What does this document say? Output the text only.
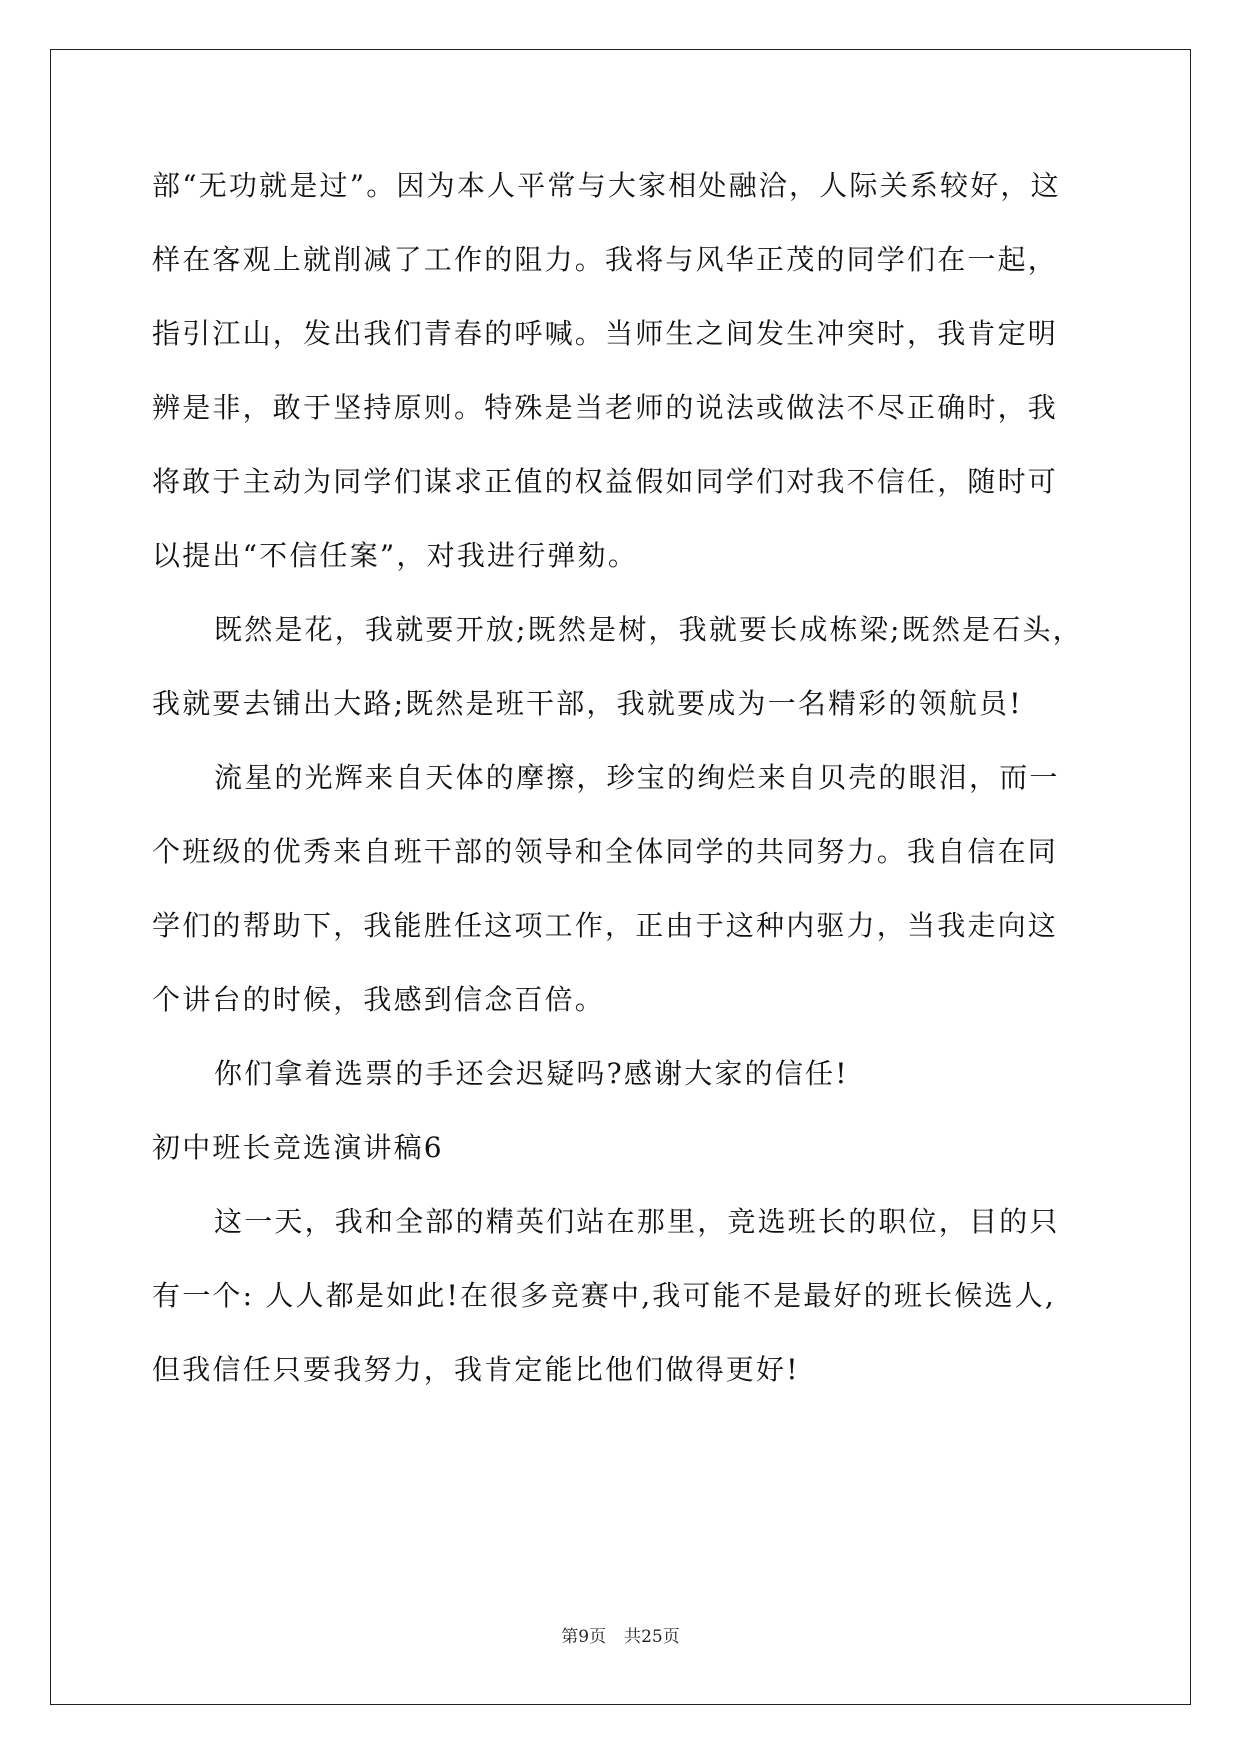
部“无功就是过”。因为本人平常与大家相处融洽，人际关系较好，这
样在客观上就削减了工作的阻力。我将与风华正茂的同学们在一起，
指引江山，发出我们青春的呼喊。当师生之间发生冲突时，我肯定明
辨是非，敢于坚持原则。特殊是当老师的说法或做法不尽正确时，我
将敢于主动为同学们谋求正值的权益假如同学们对我不信任，随时可
以提出“不信任案”，对我进行弹劾。
既然是花，我就要开放;既然是树，我就要长成栋梁;既然是石头，
我就要去铺出大路;既然是班干部，我就要成为一名精彩的领航员!
流星的光辉来自天体的摩擦，珍宝的绚烂来自贝壳的眼泪，而一
个班级的优秀来自班干部的领导和全体同学的共同努力。我自信在同
学们的帮助下，我能胜任这项工作，正由于这种内驱力，当我走向这
个讲台的时候，我感到信念百倍。
你们拿着选票的手还会迟疑吗?感谢大家的信任!
初中班长竞选演讲稿6
这一天，我和全部的精英们站在那里，竞选班长的职位，目的只
有一个: 人人都是如此!在很多竞赛中,我可能不是最好的班长候选人,
但我信任只要我努力，我肯定能比他们做得更好!
第9页 共25页
